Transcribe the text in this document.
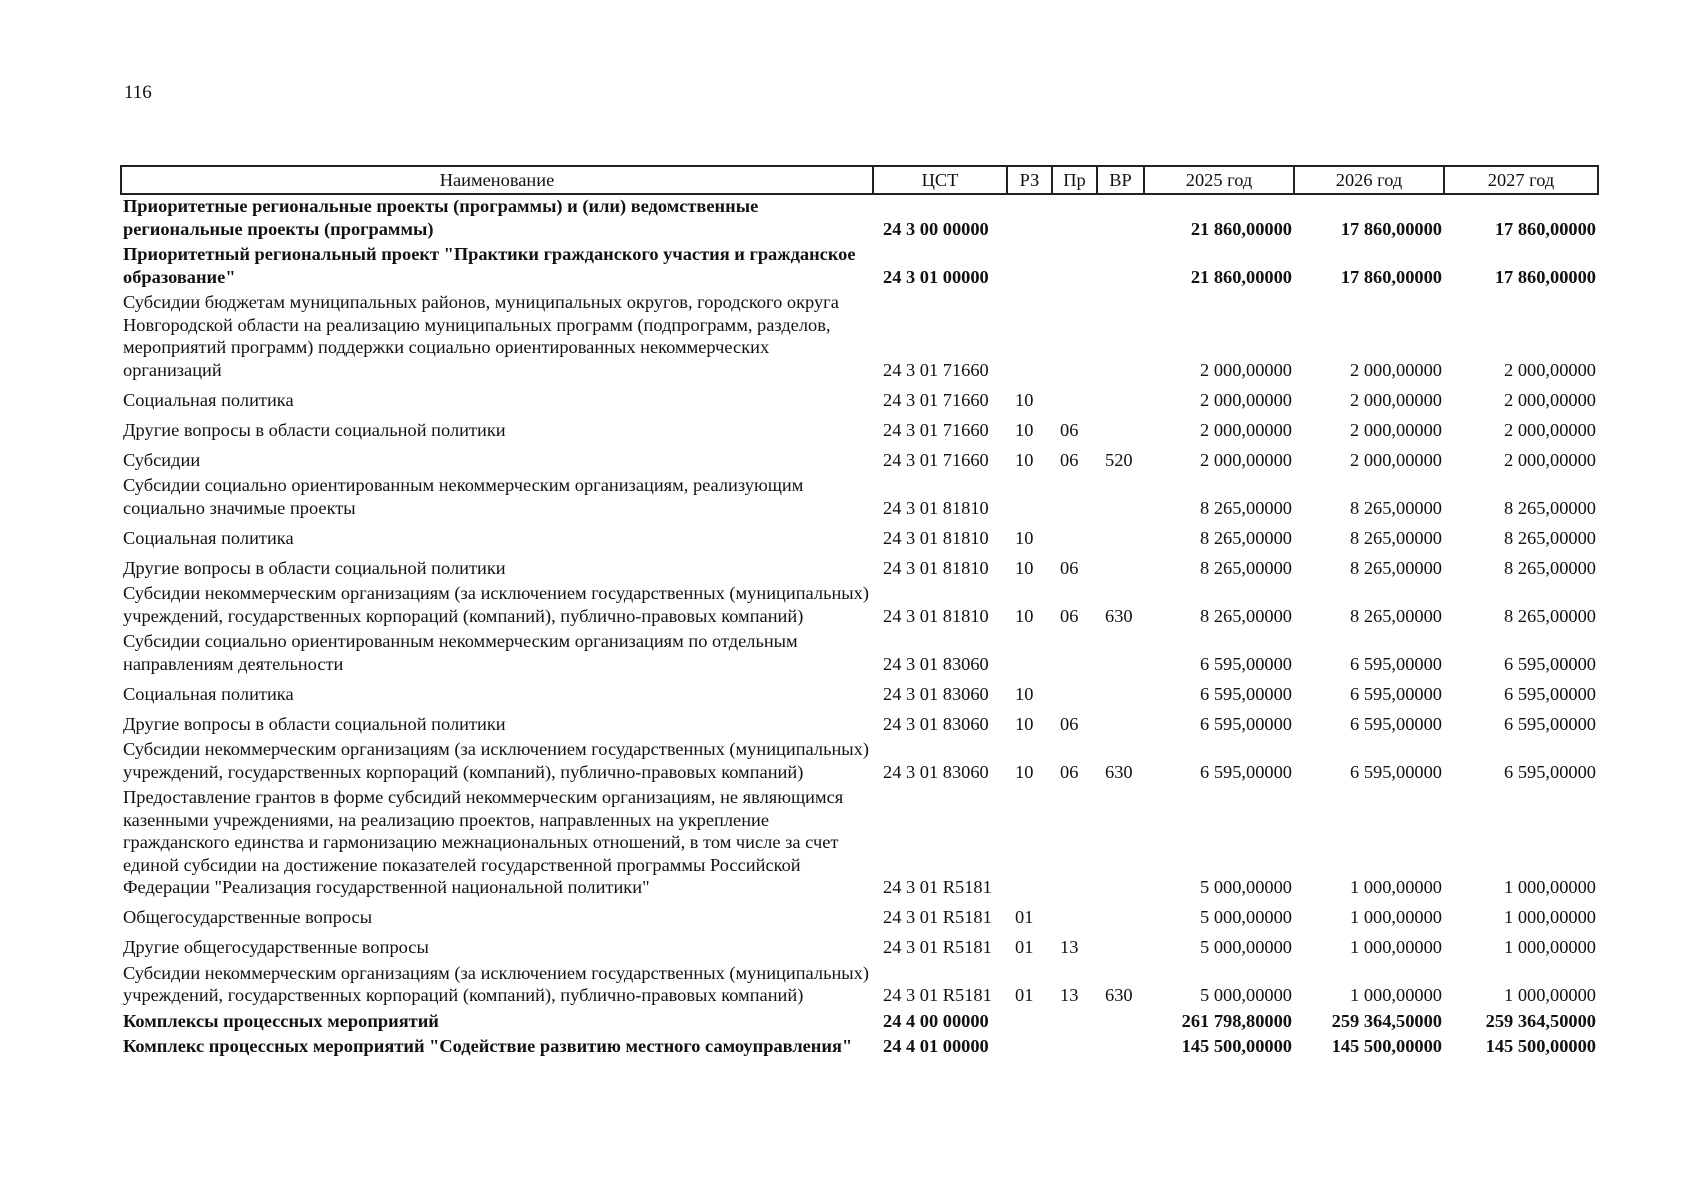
116
Наименование	ЦСТ	РЗ	Пр	ВР	2025 год	2026 год	2027 год
Приоритетные региональные проекты (программы) и (или) ведомственные региональные проекты (программы)	24 3 00 00000				21 860,00000	17 860,00000	17 860,00000
Приоритетный региональный проект "Практики гражданского участия и гражданское образование"	24 3 01 00000				21 860,00000	17 860,00000	17 860,00000
Субсидии бюджетам муниципальных районов, муниципальных округов, городского округа Новгородской области на реализацию муниципальных программ (подпрограмм, разделов, мероприятий программ) поддержки социально ориентированных некоммерческих организаций	24 3 01 71660				2 000,00000	2 000,00000	2 000,00000
Социальная политика	24 3 01 71660	10			2 000,00000	2 000,00000	2 000,00000
Другие вопросы в области социальной политики	24 3 01 71660	10	06		2 000,00000	2 000,00000	2 000,00000
Субсидии	24 3 01 71660	10	06	520	2 000,00000	2 000,00000	2 000,00000
Субсидии социально ориентированным некоммерческим организациям, реализующим социально значимые проекты	24 3 01 81810				8 265,00000	8 265,00000	8 265,00000
Социальная политика	24 3 01 81810	10			8 265,00000	8 265,00000	8 265,00000
Другие вопросы в области социальной политики	24 3 01 81810	10	06		8 265,00000	8 265,00000	8 265,00000
Субсидии некоммерческим организациям (за исключением государственных (муниципальных) учреждений, государственных корпораций (компаний), публично-правовых компаний)	24 3 01 81810	10	06	630	8 265,00000	8 265,00000	8 265,00000
Субсидии социально ориентированным некоммерческим организациям по отдельным направлениям деятельности	24 3 01 83060				6 595,00000	6 595,00000	6 595,00000
Социальная политика	24 3 01 83060	10			6 595,00000	6 595,00000	6 595,00000
Другие вопросы в области социальной политики	24 3 01 83060	10	06		6 595,00000	6 595,00000	6 595,00000
Субсидии некоммерческим организациям (за исключением государственных (муниципальных) учреждений, государственных корпораций (компаний), публично-правовых компаний)	24 3 01 83060	10	06	630	6 595,00000	6 595,00000	6 595,00000
Предоставление грантов в форме субсидий некоммерческим организациям, не являющимся казенными учреждениями, на реализацию проектов, направленных на укрепление гражданского единства и гармонизацию межнациональных отношений, в том числе за счет единой субсидии на достижение показателей государственной программы Российской Федерации "Реализация государственной национальной политики"	24 3 01 R5181				5 000,00000	1 000,00000	1 000,00000
Общегосударственные вопросы	24 3 01 R5181	01			5 000,00000	1 000,00000	1 000,00000
Другие общегосударственные вопросы	24 3 01 R5181	01	13		5 000,00000	1 000,00000	1 000,00000
Субсидии некоммерческим организациям (за исключением государственных (муниципальных) учреждений, государственных корпораций (компаний), публично-правовых компаний)	24 3 01 R5181	01	13	630	5 000,00000	1 000,00000	1 000,00000
Комплексы процессных мероприятий	24 4 00 00000				261 798,80000	259 364,50000	259 364,50000
Комплекс процессных мероприятий "Содействие развитию местного самоуправления"	24 4 01 00000				145 500,00000	145 500,00000	145 500,00000
